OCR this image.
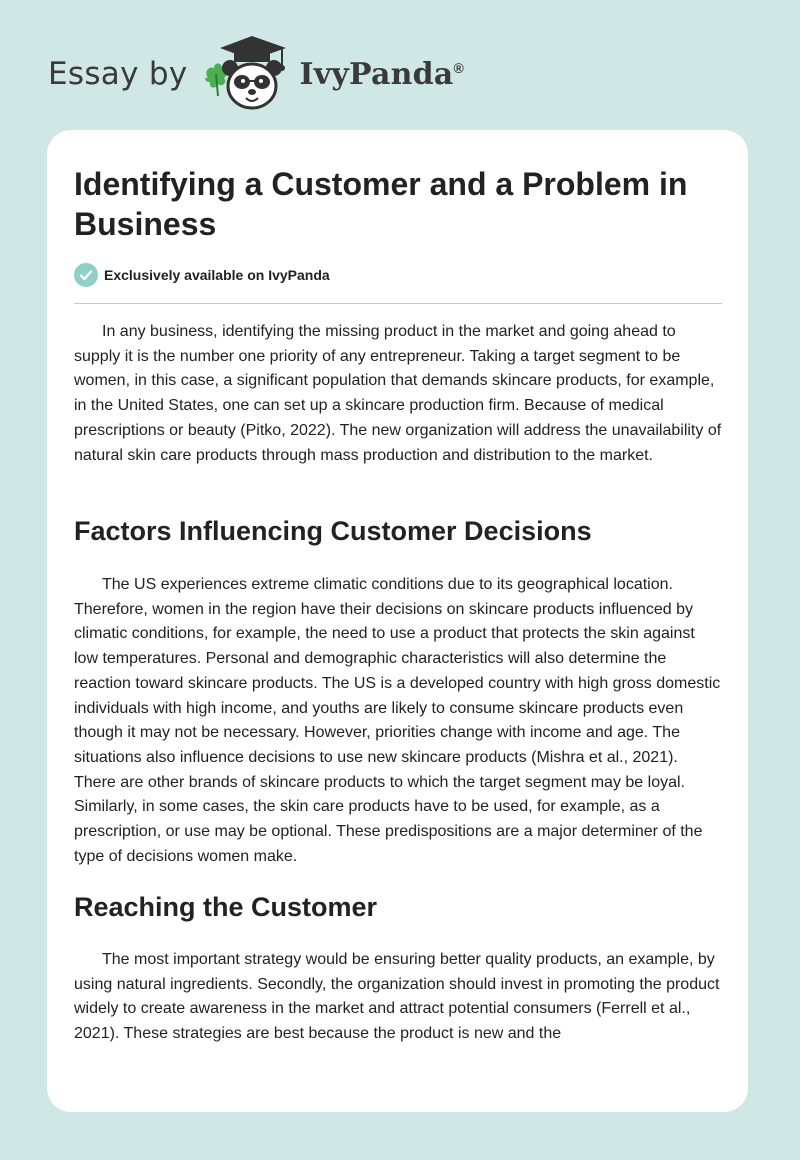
Essay by	IvyPanda®
Identifying a Customer and a Problem in Business
Exclusively available on IvyPanda

In any business, identifying the missing product in the market and going ahead to supply it is the number one priority of any entrepreneur. Taking a target segment to be women, in this case, a significant population that demands skincare products, for example, in the United States, one can set up a skincare production firm. Because of medical prescriptions or beauty (Pitko, 2022). The new organization will address the unavailability of natural skin care products through mass production and distribution to the market.

Factors Influencing Customer Decisions

The US experiences extreme climatic conditions due to its geographical location. Therefore, women in the region have their decisions on skincare products influenced by climatic conditions, for example, the need to use a product that protects the skin against low temperatures. Personal and demographic characteristics will also determine the reaction toward skincare products. The US is a developed country with high gross domestic individuals with high income, and youths are likely to consume skincare products even though it may not be necessary. However, priorities change with income and age. The situations also influence decisions to use new skincare products (Mishra et al., 2021). There are other brands of skincare products to which the target segment may be loyal. Similarly, in some cases, the skin care products have to be used, for example, as a prescription, or use may be optional. These predispositions are a major determiner of the type of decisions women make.

Reaching the Customer

The most important strategy would be ensuring better quality products, an example, by using natural ingredients. Secondly, the organization should invest in promoting the product widely to create awareness in the market and attract potential consumers (Ferrell et al., 2021). These strategies are best because the product is new and the
